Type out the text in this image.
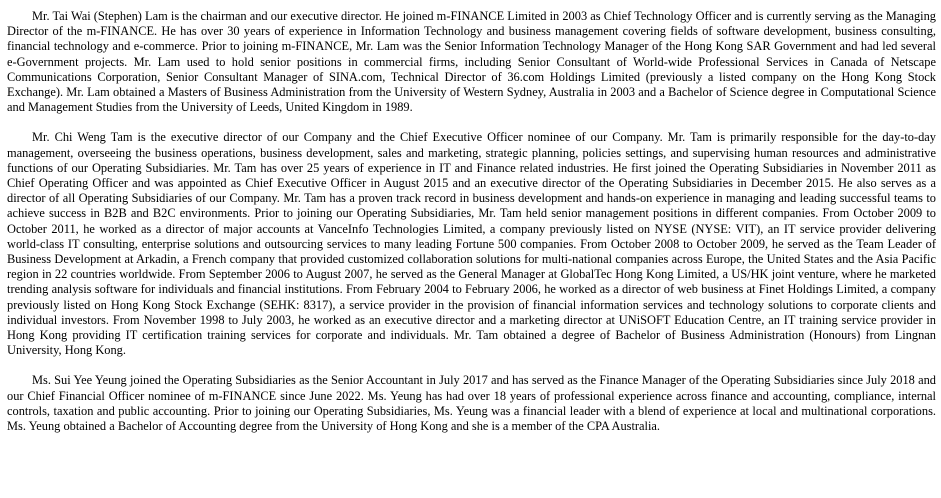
Mr. Tai Wai (Stephen) Lam is the chairman and our executive director. He joined m-FINANCE Limited in 2003 as Chief Technology Officer and is currently serving as the Managing Director of the m-FINANCE. He has over 30 years of experience in Information Technology and business management covering fields of software development, business consulting, financial technology and e-commerce. Prior to joining m-FINANCE, Mr. Lam was the Senior Information Technology Manager of the Hong Kong SAR Government and had led several e-Government projects. Mr. Lam used to hold senior positions in commercial firms, including Senior Consultant of World-wide Professional Services in Canada of Netscape Communications Corporation, Senior Consultant Manager of SINA.com, Technical Director of 36.com Holdings Limited (previously a listed company on the Hong Kong Stock Exchange). Mr. Lam obtained a Masters of Business Administration from the University of Western Sydney, Australia in 2003 and a Bachelor of Science degree in Computational Science and Management Studies from the University of Leeds, United Kingdom in 1989.

Mr. Chi Weng Tam is the executive director of our Company and the Chief Executive Officer nominee of our Company. Mr. Tam is primarily responsible for the day-to-day management, overseeing the business operations, business development, sales and marketing, strategic planning, policies settings, and supervising human resources and administrative functions of our Operating Subsidiaries. Mr. Tam has over 25 years of experience in IT and Finance related industries. He first joined the Operating Subsidiaries in November 2011 as Chief Operating Officer and was appointed as Chief Executive Officer in August 2015 and an executive director of the Operating Subsidiaries in December 2015. He also serves as a director of all Operating Subsidiaries of our Company. Mr. Tam has a proven track record in business development and hands-on experience in managing and leading successful teams to achieve success in B2B and B2C environments. Prior to joining our Operating Subsidiaries, Mr. Tam held senior management positions in different companies. From October 2009 to October 2011, he worked as a director of major accounts at VanceInfo Technologies Limited, a company previously listed on NYSE (NYSE: VIT), an IT service provider delivering world-class IT consulting, enterprise solutions and outsourcing services to many leading Fortune 500 companies. From October 2008 to October 2009, he served as the Team Leader of Business Development at Arkadin, a French company that provided customized collaboration solutions for multi-national companies across Europe, the United States and the Asia Pacific region in 22 countries worldwide. From September 2006 to August 2007, he served as the General Manager at GlobalTec Hong Kong Limited, a US/HK joint venture, where he marketed trending analysis software for individuals and financial institutions. From February 2004 to February 2006, he worked as a director of web business at Finet Holdings Limited, a company previously listed on Hong Kong Stock Exchange (SEHK: 8317), a service provider in the provision of financial information services and technology solutions to corporate clients and individual investors. From November 1998 to July 2003, he worked as an executive director and a marketing director at UNiSOFT Education Centre, an IT training service provider in Hong Kong providing IT certification training services for corporate and individuals. Mr. Tam obtained a degree of Bachelor of Business Administration (Honours) from Lingnan University, Hong Kong.

Ms. Sui Yee Yeung joined the Operating Subsidiaries as the Senior Accountant in July 2017 and has served as the Finance Manager of the Operating Subsidiaries since July 2018 and our Chief Financial Officer nominee of m-FINANCE since June 2022. Ms. Yeung has had over 18 years of professional experience across finance and accounting, compliance, internal controls, taxation and public accounting. Prior to joining our Operating Subsidiaries, Ms. Yeung was a financial leader with a blend of experience at local and multinational corporations. Ms. Yeung obtained a Bachelor of Accounting degree from the University of Hong Kong and she is a member of the CPA Australia.
